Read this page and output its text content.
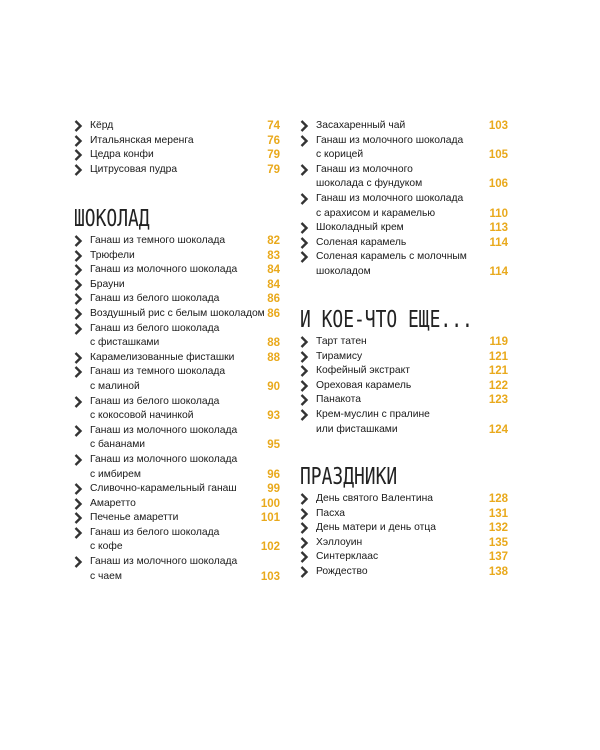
Кёрд	74
Итальянская меренга	76
Цедра конфи	79
Цитрусовая пудра	79
ШОКОЛАД
Ганаш из темного шоколада	82
Трюфели	83
Ганаш из молочного шоколада	84
Брауни	84
Ганаш из белого шоколада	86
Воздушный рис с белым шоколадом 86
Ганаш из белого шоколада
с фисташками	88
Карамелизованные фисташки	88
Ганаш из темного шоколада
с малиной	90
Ганаш из белого шоколада
с кокосовой начинкой	93
Ганаш из молочного шоколада
с бананами	95
Ганаш из молочного шоколада
с имбирем	96
Сливочно-карамельный ганаш	99
Амаретто	100
Печенье амаретти	101
Ганаш из белого шоколада
с кофе	102
Ганаш из молочного шоколада
с чаем	103
Засахаренный чай	103
Ганаш из молочного шоколада
с корицей	105
Ганаш из молочного
шоколада с фундуком	106
Ганаш из молочного шоколада
с арахисом и карамелью	110
Шоколадный крем	113
Соленая карамель	114
Соленая карамель с молочным
шоколадом	114
И КОЕ-ЧТО ЕЩЕ...
Тарт татен	119
Тирамису	121
Кофейный экстракт	121
Ореховая карамель	122
Панакота	123
Крем-муслин с пралине
или фисташками	124
ПРАЗДНИКИ
День святого Валентина	128
Пасха	131
День матери и день отца	132
Хэллоуин	135
Синтерклаас	137
Рождество	138
